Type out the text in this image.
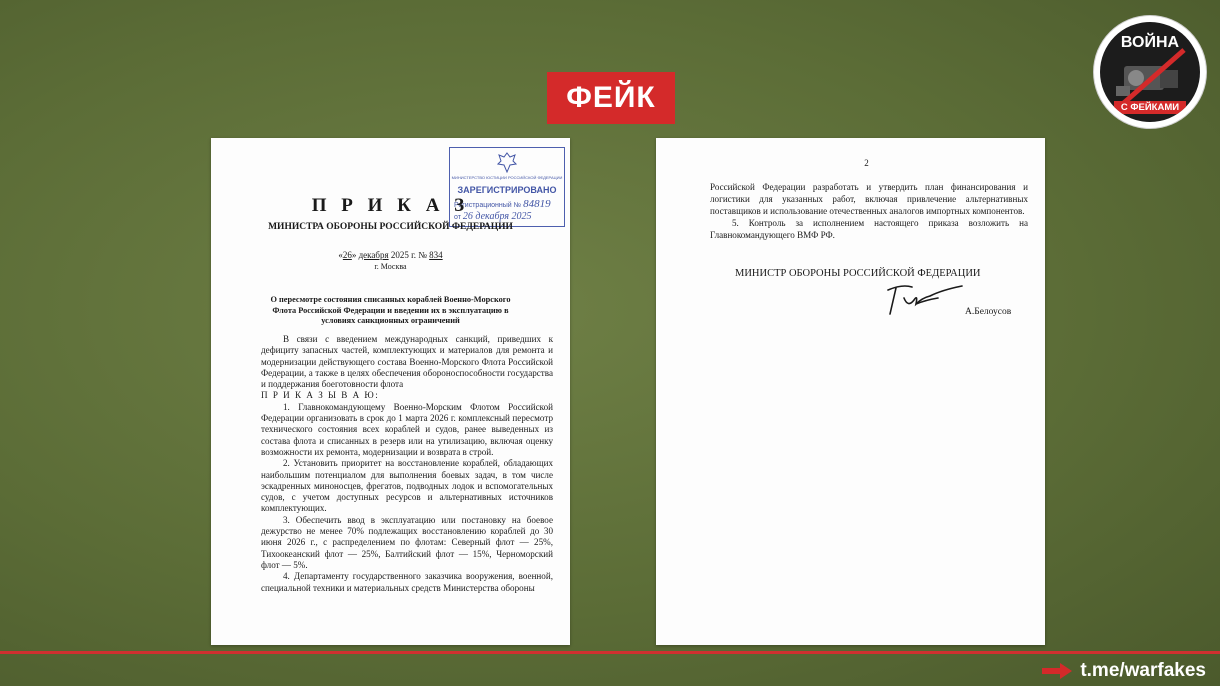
ФЕЙК
ВОЙНА
С ФЕЙКАМИ
МИНИСТЕРСТВО ЮСТИЦИИ РОССИЙСКОЙ ФЕДЕРАЦИИ
ЗАРЕГИСТРИРОВАНО
Регистрационный № 84819
от 26 декабря 2025
П Р И К А З
МИНИСТРА ОБОРОНЫ РОССИЙСКОЙ ФЕДЕРАЦИИ
«26» декабря 2025 г. № 834
г. Москва
О пересмотре состояния списанных кораблей Военно-Морского Флота Российской Федерации и введении их в эксплуатацию в условиях санкционных ограничений

В связи с введением международных санкций, приведших к дефициту запасных частей, комплектующих и материалов для ремонта и модернизации действующего состава Военно-Морского Флота Российской Федерации, а также в целях обеспечения обороноспособности государства и поддержания боеготовности флота

П Р И К А З Ы В А Ю:

1. Главнокомандующему Военно-Морским Флотом Российской Федерации организовать в срок до 1 марта 2026 г. комплексный пересмотр технического состояния всех кораблей и судов, ранее выведенных из состава флота и списанных в резерв или на утилизацию, включая оценку возможности их ремонта, модернизации и возврата в строй.

2. Установить приоритет на восстановление кораблей, обладающих наибольшим потенциалом для выполнения боевых задач, в том числе эскадренных миноносцев, фрегатов, подводных лодок и вспомогательных судов, с учетом доступных ресурсов и альтернативных источников комплектующих.

3. Обеспечить ввод в эксплуатацию или постановку на боевое дежурство не менее 70% подлежащих восстановлению кораблей до 30 июня 2026 г., с распределением по флотам: Северный флот — 25%, Тихоокеанский флот — 25%, Балтийский флот — 15%, Черноморский флот — 5%.

4. Департаменту государственного заказчика вооружения, военной, специальной техники и материальных средств Министерства обороны

2

Российской Федерации разработать и утвердить план финансирования и логистики для указанных работ, включая привлечение альтернативных поставщиков и использование отечественных аналогов импортных компонентов.

5. Контроль за исполнением настоящего приказа возложить на Главнокомандующего ВМФ РФ.

МИНИСТР ОБОРОНЫ РОССИЙСКОЙ ФЕДЕРАЦИИ
А.Белоусов
t.me/warfakes
